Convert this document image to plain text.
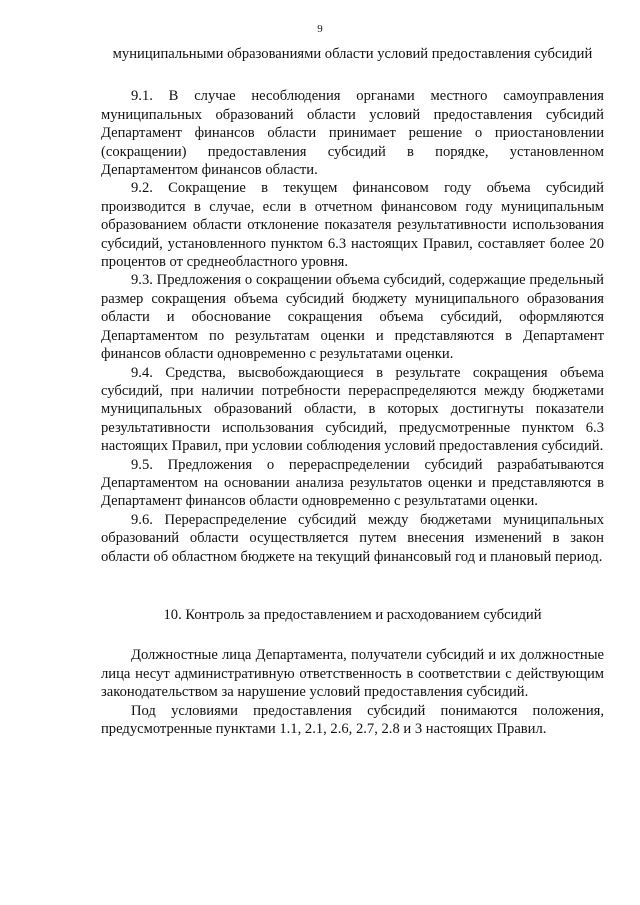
9

муниципальными образованиями области условий предоставления субсидий

9.1. В случае несоблюдения органами местного самоуправления муниципальных образований области условий предоставления субсидий Департамент финансов области принимает решение о приостановлении (сокращении) предоставления субсидий в порядке, установленном Департаментом финансов области.

9.2. Сокращение в текущем финансовом году объема субсидий производится в случае, если в отчетном финансовом году муниципальным образованием области отклонение показателя результативности использования субсидий, установленного пунктом 6.3 настоящих Правил, составляет более 20 процентов от среднеобластного уровня.

9.3. Предложения о сокращении объема субсидий, содержащие предельный размер сокращения объема субсидий бюджету муниципального образования области и обоснование сокращения объема субсидий, оформляются Департаментом по результатам оценки и представляются в Департамент финансов области одновременно с результатами оценки.

9.4. Средства, высвобождающиеся в результате сокращения объема субсидий, при наличии потребности перераспределяются между бюджетами муниципальных образований области, в которых достигнуты показатели результативности использования субсидий, предусмотренные пунктом 6.3 настоящих Правил, при условии соблюдения условий предоставления субсидий.

9.5. Предложения о перераспределении субсидий разрабатываются Департаментом на основании анализа результатов оценки и представляются в Департамент финансов области одновременно с результатами оценки.

9.6. Перераспределение субсидий между бюджетами муниципальных образований области осуществляется путем внесения изменений в закон области об областном бюджете на текущий финансовый год и плановый период.

10. Контроль за предоставлением и расходованием субсидий

Должностные лица Департамента, получатели субсидий и их должностные лица несут административную ответственность в соответствии с действующим законодательством за нарушение условий предоставления субсидий.

Под условиями предоставления субсидий понимаются положения, предусмотренные пунктами 1.1, 2.1, 2.6, 2.7, 2.8 и 3 настоящих Правил.
